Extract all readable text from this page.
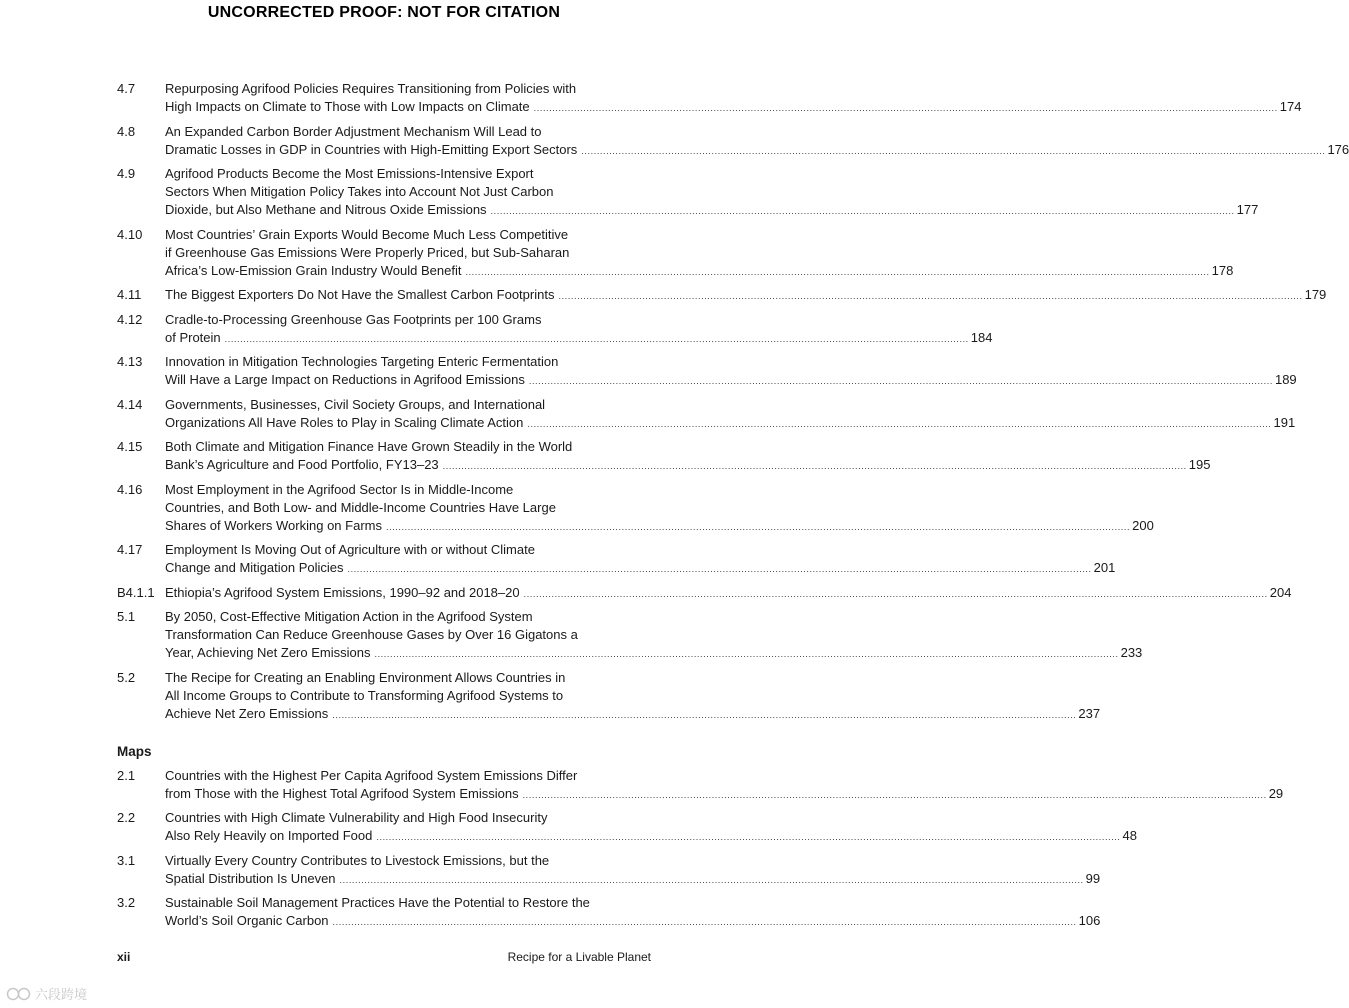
UNCORRECTED PROOF: NOT FOR CITATION
4.7	Repurposing Agrifood Policies Requires Transitioning from Policies with
High Impacts on Climate to Those with Low Impacts on Climate .....	174
4.8	An Expanded Carbon Border Adjustment Mechanism Will Lead to
Dramatic Losses in GDP in Countries with High-Emitting Export Sectors .....	176
4.9	Agrifood Products Become the Most Emissions-Intensive Export
Sectors When Mitigation Policy Takes into Account Not Just Carbon
Dioxide, but Also Methane and Nitrous Oxide Emissions .....	177
4.10	Most Countries’ Grain Exports Would Become Much Less Competitive
if Greenhouse Gas Emissions Were Properly Priced, but Sub-Saharan
Africa’s Low-Emission Grain Industry Would Benefit .....	178
4.11	The Biggest Exporters Do Not Have the Smallest Carbon Footprints .....	179
4.12	Cradle-to-Processing Greenhouse Gas Footprints per 100 Grams
of Protein .....	184
4.13	Innovation in Mitigation Technologies Targeting Enteric Fermentation
Will Have a Large Impact on Reductions in Agrifood Emissions .....	189
4.14	Governments, Businesses, Civil Society Groups, and International
Organizations All Have Roles to Play in Scaling Climate Action .....	191
4.15	Both Climate and Mitigation Finance Have Grown Steadily in the World
Bank’s Agriculture and Food Portfolio, FY13–23 .....	195
4.16	Most Employment in the Agrifood Sector Is in Middle-Income
Countries, and Both Low- and Middle-Income Countries Have Large
Shares of Workers Working on Farms .....	200
4.17	Employment Is Moving Out of Agriculture with or without Climate
Change and Mitigation Policies .....	201
B4.1.1 Ethiopia’s Agrifood System Emissions, 1990–92 and 2018–20 .....	204
5.1	By 2050, Cost-Effective Mitigation Action in the Agrifood System
Transformation Can Reduce Greenhouse Gases by Over 16 Gigatons a
Year, Achieving Net Zero Emissions .....	233
5.2	The Recipe for Creating an Enabling Environment Allows Countries in
All Income Groups to Contribute to Transforming Agrifood Systems to
Achieve Net Zero Emissions .....	237
Maps
2.1	Countries with the Highest Per Capita Agrifood System Emissions Differ
from Those with the Highest Total Agrifood System Emissions .....	29
2.2	Countries with High Climate Vulnerability and High Food Insecurity
Also Rely Heavily on Imported Food .....	48
3.1	Virtually Every Country Contributes to Livestock Emissions, but the
Spatial Distribution Is Uneven .....	99
3.2	Sustainable Soil Management Practices Have the Potential to Restore the
World’s Soil Organic Carbon .....	106
xii	Recipe for a Livable Planet
六段跨境
